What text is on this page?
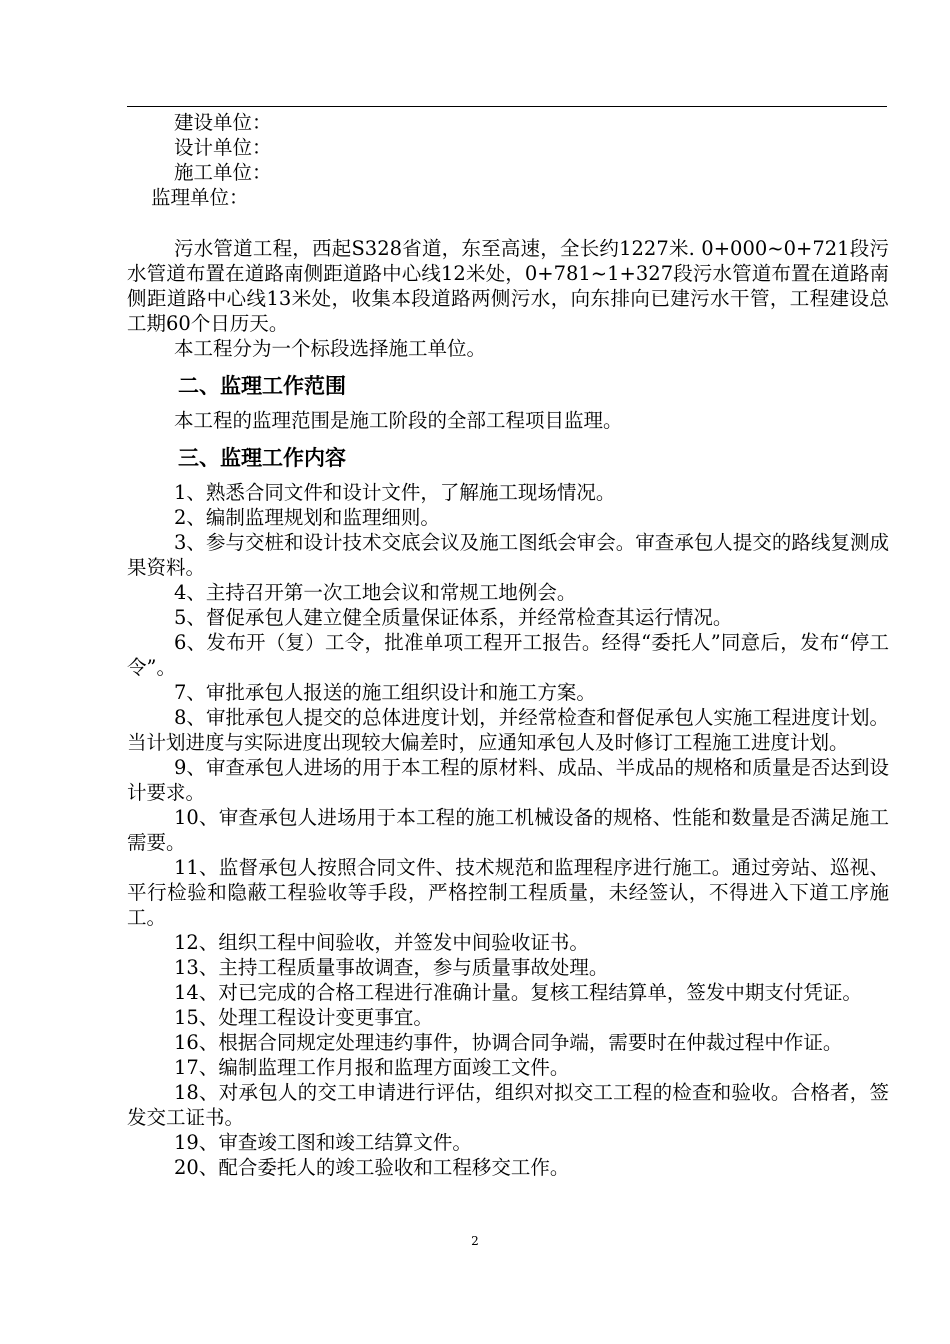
建设单位：

设计单位：

施工单位：

监理单位：

污水管道工程，西起S328省道，东至高速，全长约1227米. 0+000~0+721段污水管道布置在道路南侧距道路中心线12米处，0+781~1+327段污水管道布置在道路南侧距道路中心线13米处，收集本段道路两侧污水，向东排向已建污水干管，工程建设总工期60个日历天。

本工程分为一个标段选择施工单位。

二、监理工作范围

本工程的监理范围是施工阶段的全部工程项目监理。

三、监理工作内容

1、熟悉合同文件和设计文件，了解施工现场情况。

2、编制监理规划和监理细则。

3、参与交桩和设计技术交底会议及施工图纸会审会。审查承包人提交的路线复测成果资料。

4、主持召开第一次工地会议和常规工地例会。

5、督促承包人建立健全质量保证体系，并经常检查其运行情况。

6、发布开（复）工令，批准单项工程开工报告。经得“委托人”同意后，发布“停工令”。

7、审批承包人报送的施工组织设计和施工方案。

8、审批承包人提交的总体进度计划，并经常检查和督促承包人实施工程进度计划。当计划进度与实际进度出现较大偏差时，应通知承包人及时修订工程施工进度计划。

9、审查承包人进场的用于本工程的原材料、成品、半成品的规格和质量是否达到设计要求。

10、审查承包人进场用于本工程的施工机械设备的规格、性能和数量是否满足施工需要。

11、监督承包人按照合同文件、技术规范和监理程序进行施工。通过旁站、巡视、平行检验和隐蔽工程验收等手段，严格控制工程质量，未经签认，不得进入下道工序施工。

12、组织工程中间验收，并签发中间验收证书。

13、主持工程质量事故调查，参与质量事故处理。

14、对已完成的合格工程进行准确计量。复核工程结算单，签发中期支付凭证。

15、处理工程设计变更事宜。

16、根据合同规定处理违约事件，协调合同争端，需要时在仲裁过程中作证。

17、编制监理工作月报和监理方面竣工文件。

18、对承包人的交工申请进行评估，组织对拟交工工程的检查和验收。合格者，签发交工证书。

19、审查竣工图和竣工结算文件。

20、配合委托人的竣工验收和工程移交工作。

2
